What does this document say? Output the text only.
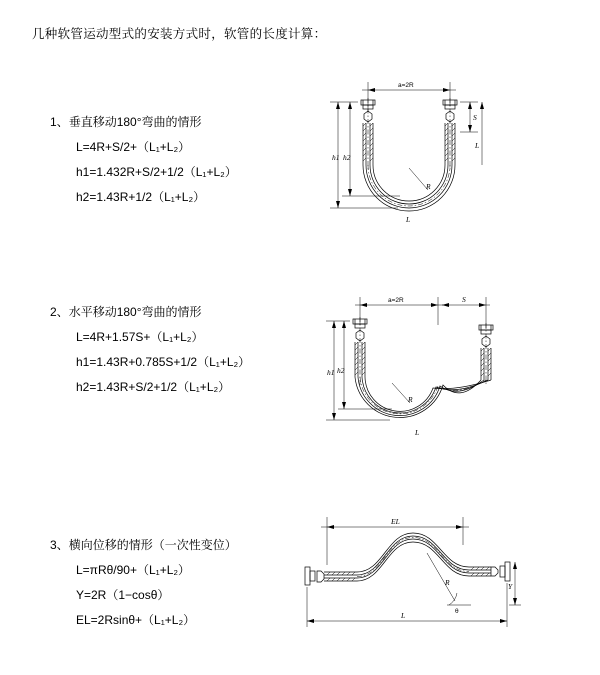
几种软管运动型式的安装方式时，软管的长度计算：
1、垂直移动180°弯曲的情形
L=4R+S/2+（L₁+L₂）
h1=1.432R+S/2+1/2（L₁+L₂）
h2=1.43R+1/2（L₁+L₂）
2、水平移动180°弯曲的情形
L=4R+1.57S+（L₁+L₂）
h1=1.43R+0.785S+1/2（L₁+L₂）
h2=1.43R+S/2+1/2（L₁+L₂）
3、横向位移的情形（一次性变位）
L=πRθ/90+（L₁+L₂）
Y=2R（1−cosθ）
EL=2Rsinθ+（L₁+L₂）
a=2R
R
h1 h2
S
L
L
a=2R	S
R
h1 h2
L
EL
Y
R
θ
L
